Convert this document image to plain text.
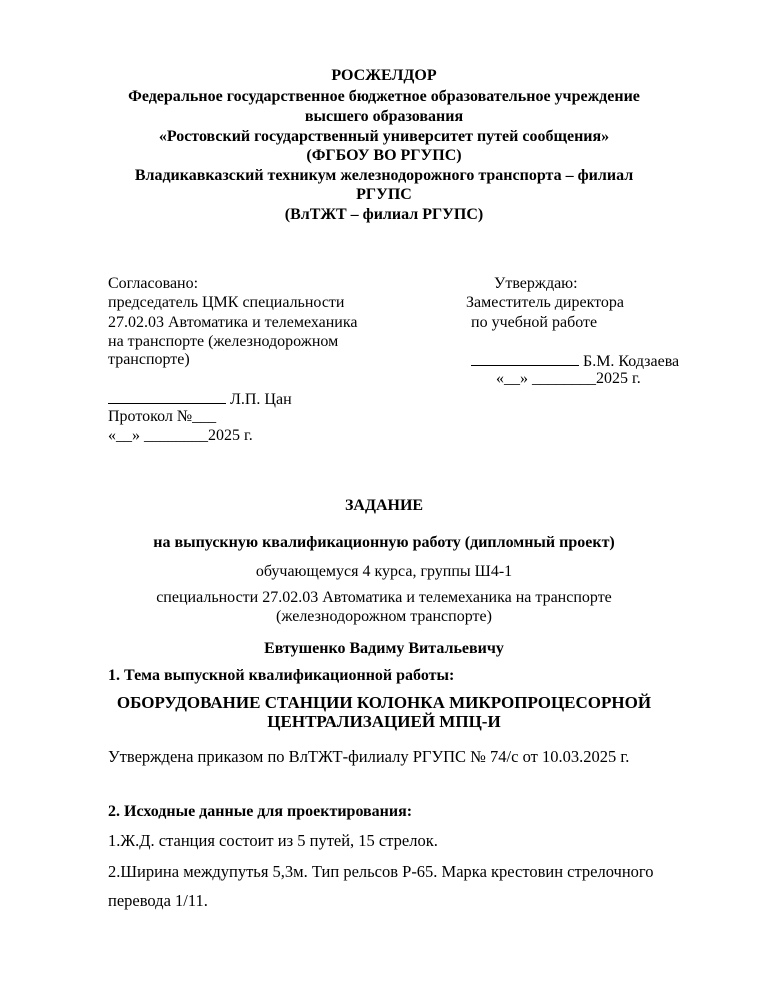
РОСЖЕЛДОР
Федеральное государственное бюджетное образовательное учреждение
высшего образования
«Ростовский государственный университет путей сообщения»
(ФГБОУ ВО РГУПС)
Владикавказский техникум железнодорожного транспорта – филиал
РГУПС
(ВлТЖТ – филиал РГУПС)
Согласовано:
председатель ЦМК специальности
27.02.03 Автоматика и телемеханика
на транспорте (железнодорожном
транспорте)
Л.П. Цан
Протокол №___
«__» ________2025 г.
Утверждаю:
Заместитель директора
по учебной работе
Б.М. Кодзаева
«__» ________2025 г.
ЗАДАНИЕ
на выпускную квалификационную работу (дипломный проект)
обучающемуся 4 курса, группы Ш4-1
специальности 27.02.03 Автоматика и телемеханика на транспорте
(железнодорожном транспорте)
Евтушенко Вадиму Витальевичу
1. Тема выпускной квалификационной работы:
ОБОРУДОВАНИЕ СТАНЦИИ КОЛОНКА МИКРОПРОЦЕСОРНОЙ
ЦЕНТРАЛИЗАЦИЕЙ МПЦ-И
Утверждена приказом по ВлТЖТ-филиалу РГУПС № 74/с от 10.03.2025 г.
2. Исходные данные для проектирования:
1.Ж.Д. станция состоит из 5 путей, 15 стрелок.
2.Ширина междупутья 5,3м. Тип рельсов Р-65. Марка крестовин стрелочного
перевода 1/11.
